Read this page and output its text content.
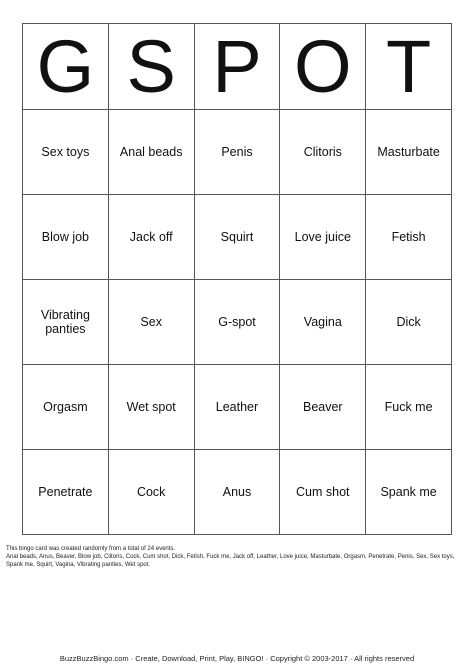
G S P O T
Sex toys	Anal beads	Penis	Clitoris	Masturbate
Blow job	Jack off	Squirt	Love juice	Fetish
Vibrating panties	Sex	G-spot	Vagina	Dick
Orgasm	Wet spot	Leather	Beaver	Fuck me
Penetrate	Cock	Anus	Cum shot	Spank me
This bingo card was created randomly from a total of 24 events.
Anal beads, Anus, Beaver, Blow job, Clitoris, Cock, Cum shot, Dick, Fetish, Fuck me, Jack off, Leather, Love juice, Masturbate, Orgasm, Penetrate, Penis, Sex, Sex toys, Spank me, Squirt, Vagina, Vibrating panties, Wet spot.
BuzzBuzzBingo.com · Create, Download, Print, Play, BINGO! · Copyright © 2003-2017 · All rights reserved
